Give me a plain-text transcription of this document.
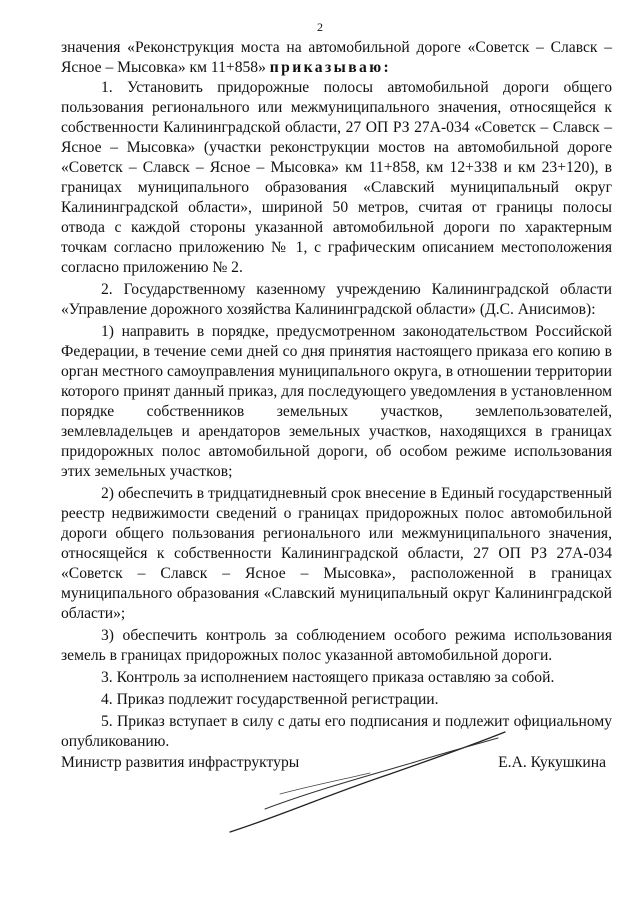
2

значения «Реконструкция моста на автомобильной дороге «Советск – Славск – Ясное – Мысовка» км 11+858» приказываю:

1. Установить придорожные полосы автомобильной дороги общего пользования регионального или межмуниципального значения, относящейся к собственности Калининградской области, 27 ОП РЗ 27А-034 «Советск – Славск – Ясное – Мысовка» (участки реконструкции мостов на автомобильной дороге «Советск – Славск – Ясное – Мысовка» км 11+858, км 12+338 и км 23+120), в границах муниципального образования «Славский муниципальный округ Калининградской области», шириной 50 метров, считая от границы полосы отвода с каждой стороны указанной автомобильной дороги по характерным точкам согласно приложению № 1, с графическим описанием местоположения согласно приложению № 2.

2. Государственному казенному учреждению Калининградской области «Управление дорожного хозяйства Калининградской области» (Д.С. Анисимов):

1) направить в порядке, предусмотренном законодательством Российской Федерации, в течение семи дней со дня принятия настоящего приказа его копию в орган местного самоуправления муниципального округа, в отношении территории которого принят данный приказ, для последующего уведомления в установленном порядке собственников земельных участков, землепользователей, землевладельцев и арендаторов земельных участков, находящихся в границах придорожных полос автомобильной дороги, об особом режиме использования этих земельных участков;

2) обеспечить в тридцатидневный срок внесение в Единый государственный реестр недвижимости сведений о границах придорожных полос автомобильной дороги общего пользования регионального или межмуниципального значения, относящейся к собственности Калининградской области, 27 ОП РЗ 27А-034 «Советск – Славск – Ясное – Мысовка», расположенной в границах муниципального образования «Славский муниципальный округ Калининградской области»;

3) обеспечить контроль за соблюдением особого режима использования земель в границах придорожных полос указанной автомобильной дороги.

3. Контроль за исполнением настоящего приказа оставляю за собой.

4. Приказ подлежит государственной регистрации.

5. Приказ вступает в силу с даты его подписания и подлежит официальному опубликованию.

Министр развития инфраструктуры	Е.А. Кукушкина
